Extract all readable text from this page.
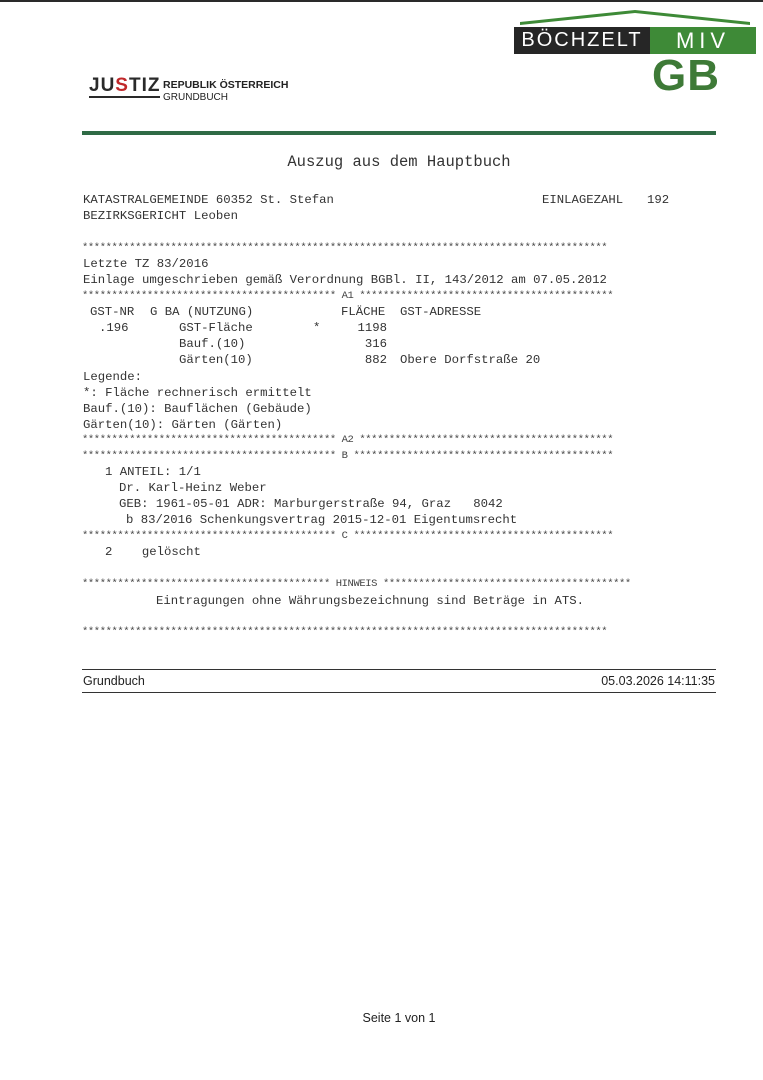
BÖCHZELT	MIV
GB
JUSTIZ REPUBLIK ÖSTERREICH
GRUNDBUCH
Auszug aus dem Hauptbuch
KATASTRALGEMEINDE 60352 St. Stefan	EINLAGEZAHL 192
BEZIRKSGERICHT Leoben
*****************************************************************************************
Letzte TZ 83/2016
Einlage umgeschrieben gemäß Verordnung BGBl. II, 143/2012 am 07.05.2012
******************************************* A1 *******************************************
GST-NR G BA (NUTZUNG)	FLÄCHE GST-ADRESSE
.196	GST-Fläche	*	1198
Bauf.(10)	316
Gärten(10)	882 Obere Dorfstraße 20
Legende:
*: Fläche rechnerisch ermittelt
Bauf.(10): Bauflächen (Gebäude)
Gärten(10): Gärten (Gärten)
******************************************* A2 *******************************************
******************************************* B ********************************************
1 ANTEIL: 1/1
Dr. Karl-Heinz Weber
GEB: 1961-05-01 ADR: Marburgerstraße 94, Graz   8042
b 83/2016 Schenkungsvertrag 2015-12-01 Eigentumsrecht
******************************************* C ********************************************
2    gelöscht
****************************************** HINWEIS ******************************************
Eintragungen ohne Währungsbezeichnung sind Beträge in ATS.
*****************************************************************************************
Grundbuch	05.03.2026 14:11:35
Seite 1 von 1
